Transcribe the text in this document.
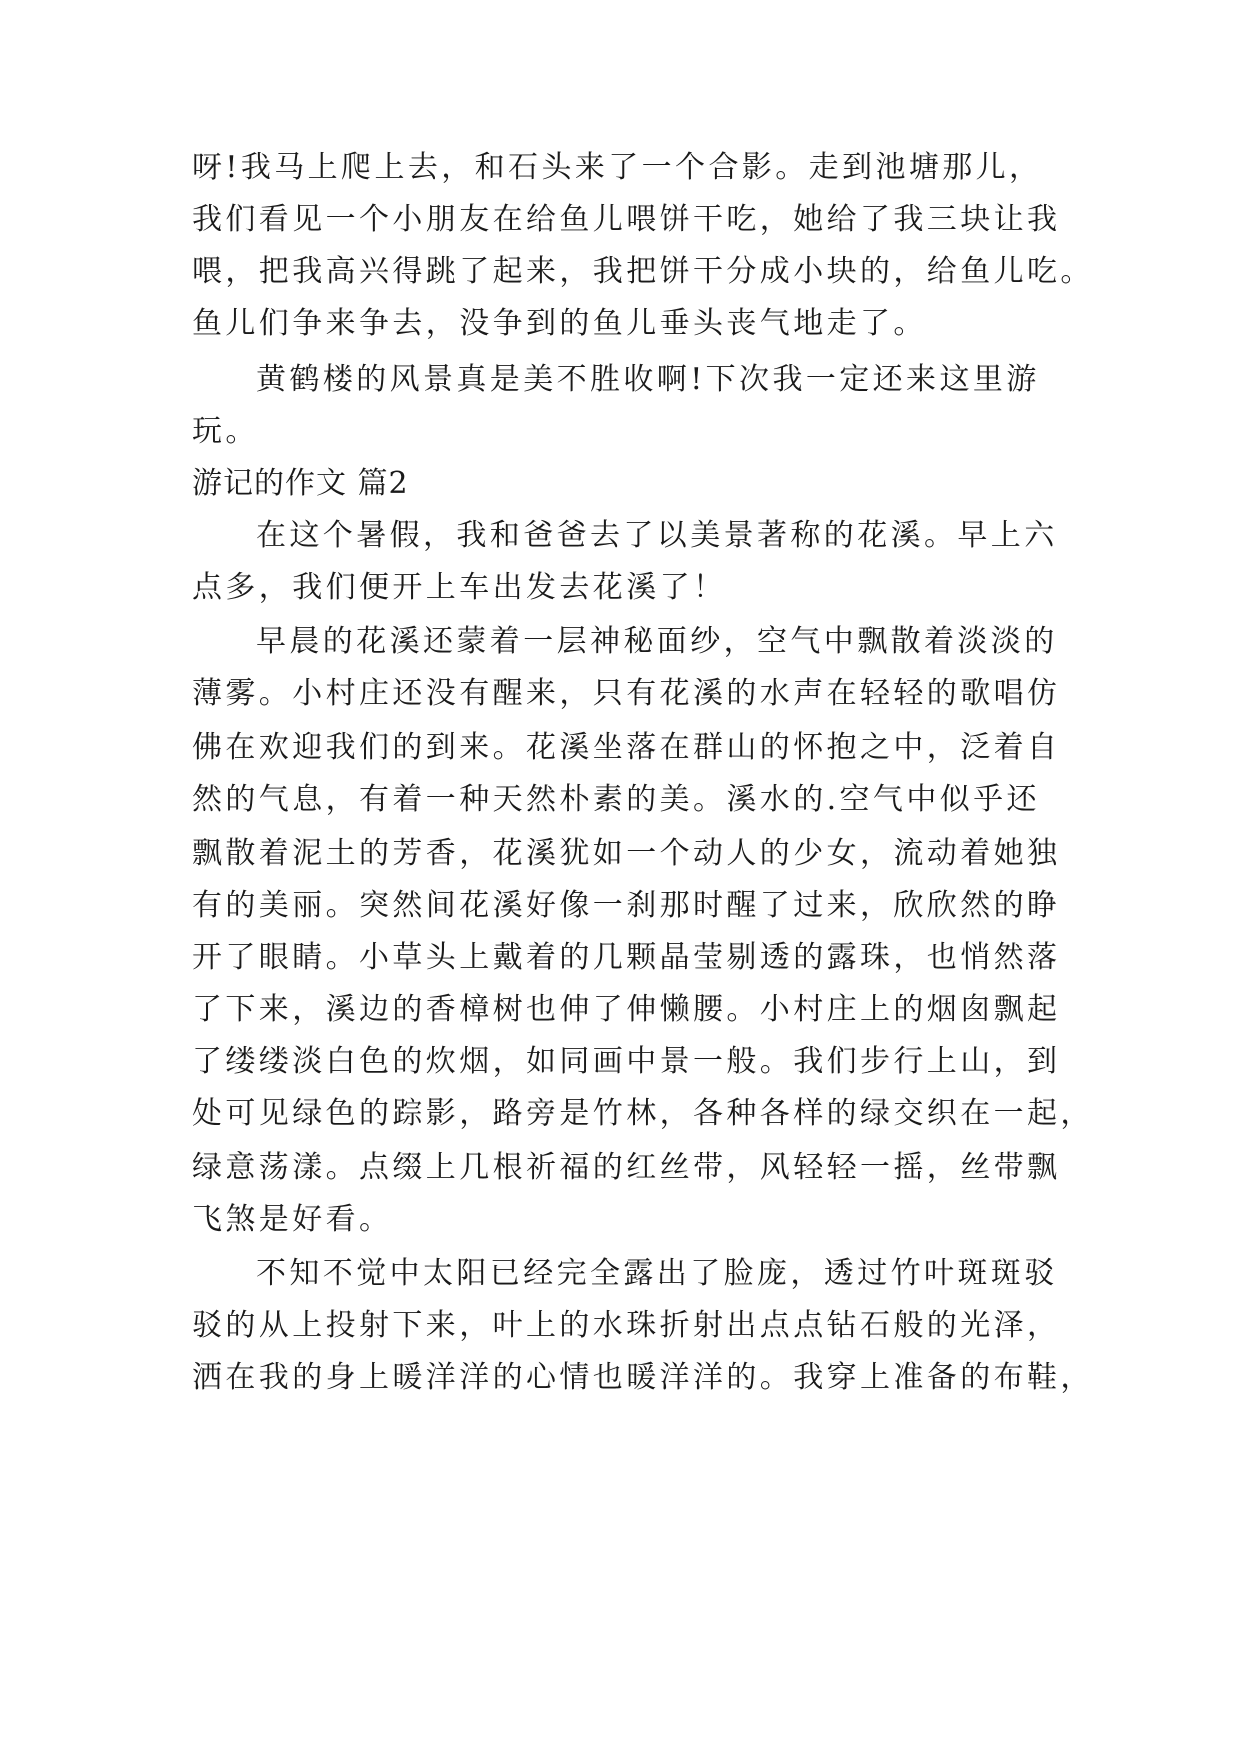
呀!我马上爬上去，和石头来了一个合影。走到池塘那儿，
我们看见一个小朋友在给鱼儿喂饼干吃，她给了我三块让我
喂，把我高兴得跳了起来，我把饼干分成小块的，给鱼儿吃。
鱼儿们争来争去，没争到的鱼儿垂头丧气地走了。
黄鹤楼的风景真是美不胜收啊!下次我一定还来这里游
玩。
游记的作文 篇2
在这个暑假，我和爸爸去了以美景著称的花溪。早上六
点多，我们便开上车出发去花溪了！
早晨的花溪还蒙着一层神秘面纱，空气中飘散着淡淡的
薄雾。小村庄还没有醒来，只有花溪的水声在轻轻的歌唱仿
佛在欢迎我们的到来。花溪坐落在群山的怀抱之中，泛着自
然的气息，有着一种天然朴素的美。溪水的.空气中似乎还
飘散着泥土的芳香，花溪犹如一个动人的少女，流动着她独
有的美丽。突然间花溪好像一刹那时醒了过来，欣欣然的睁
开了眼睛。小草头上戴着的几颗晶莹剔透的露珠，也悄然落
了下来，溪边的香樟树也伸了伸懒腰。小村庄上的烟囱飘起
了缕缕淡白色的炊烟，如同画中景一般。我们步行上山，到
处可见绿色的踪影，路旁是竹林，各种各样的绿交织在一起，
绿意荡漾。点缀上几根祈福的红丝带，风轻轻一摇，丝带飘
飞煞是好看。
不知不觉中太阳已经完全露出了脸庞，透过竹叶斑斑驳
驳的从上投射下来，叶上的水珠折射出点点钻石般的光泽，
洒在我的身上暖洋洋的心情也暖洋洋的。我穿上准备的布鞋，
